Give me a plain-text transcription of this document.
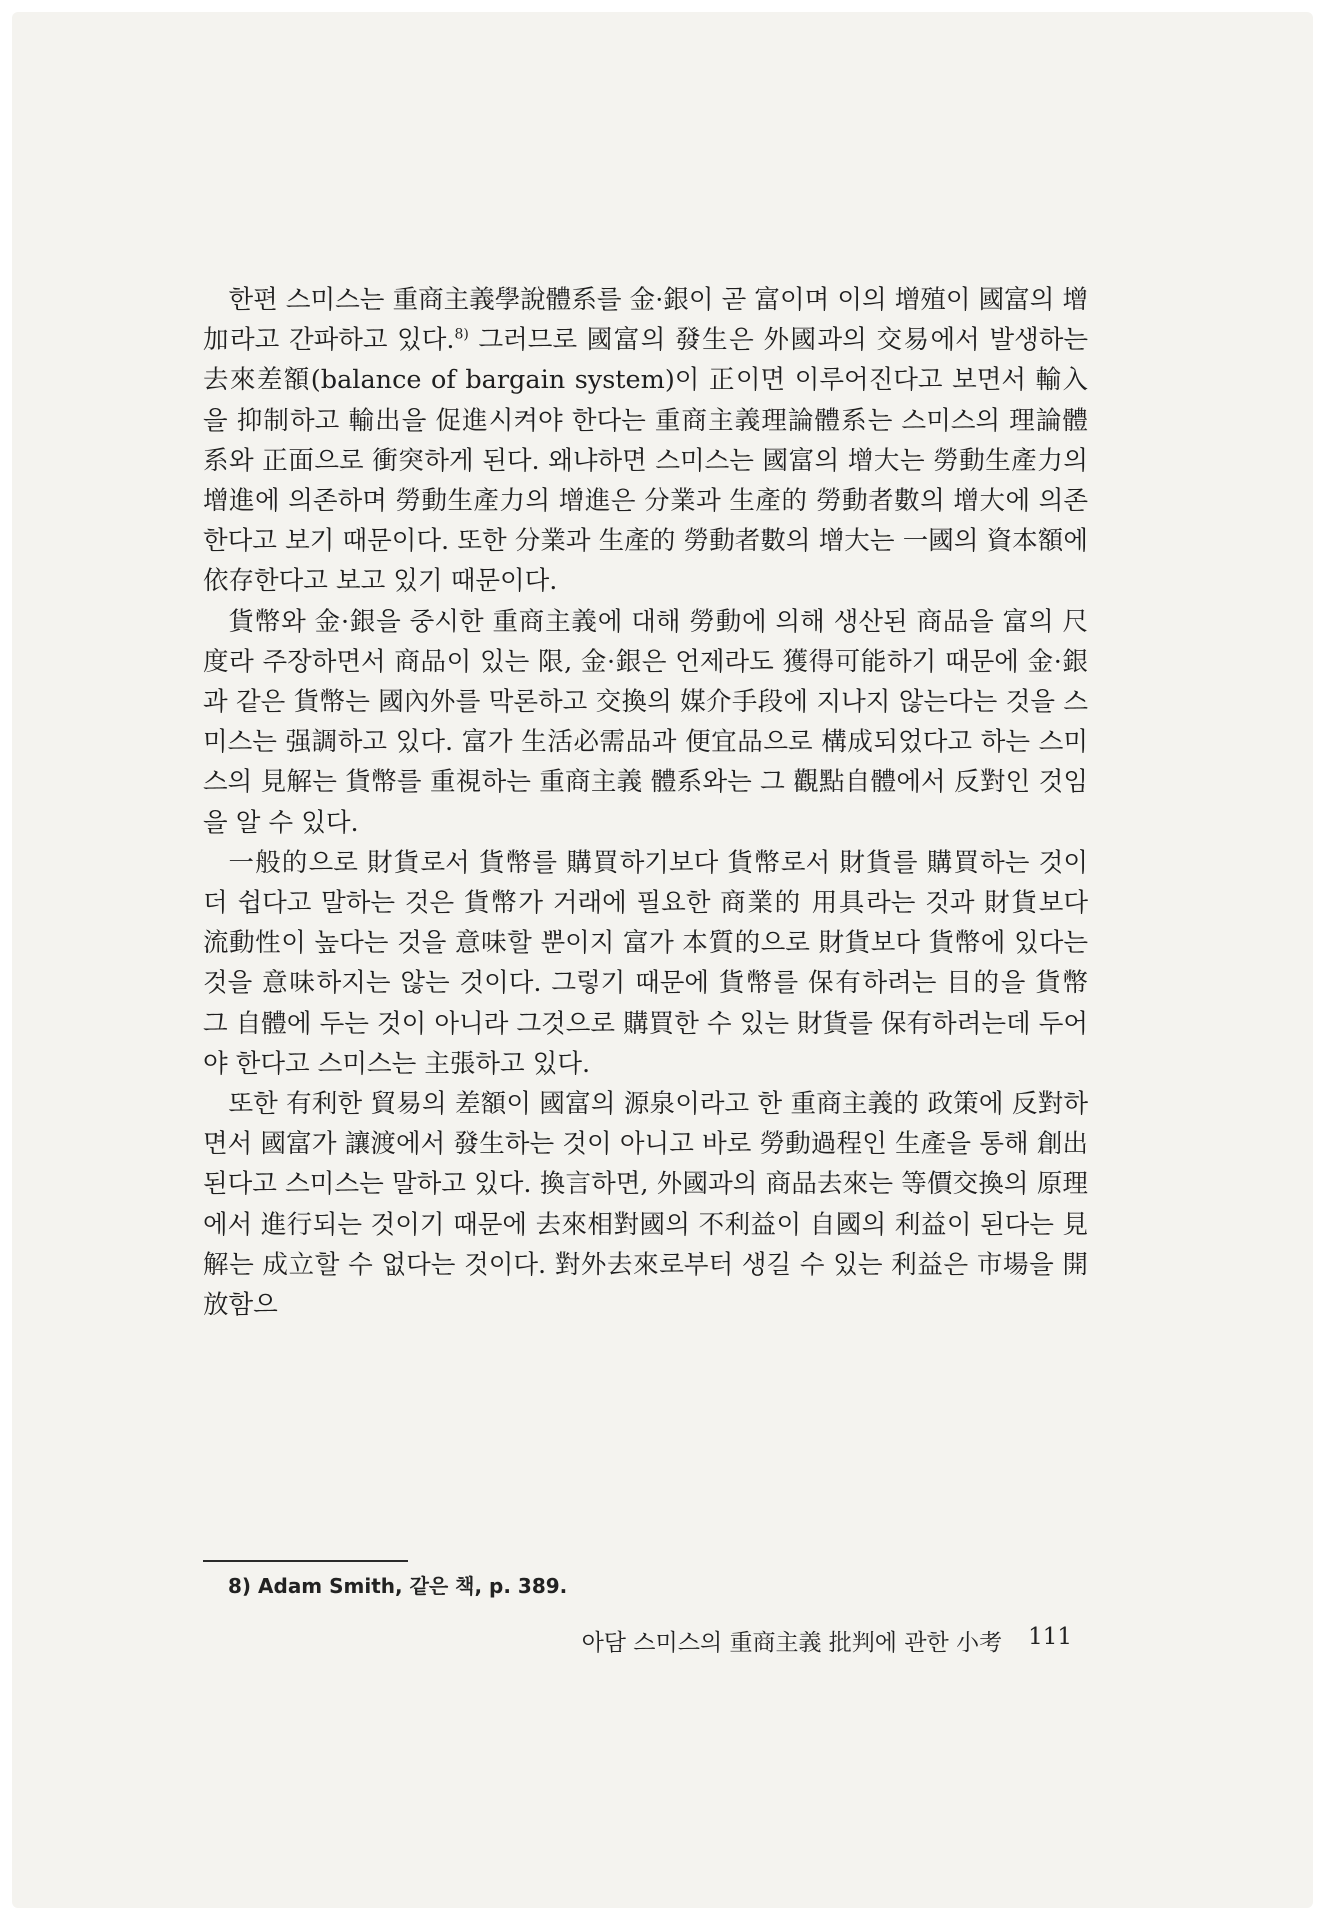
한편 스미스는 重商主義學說體系를 金·銀이 곧 富이며 이의 增殖이 國富의 增加라고 간파하고 있다.$^{8)}$ 그러므로 國富의 發生은 外國과의 交易에서 발생하는 去來差額(balance of bargain system)이 正이면 이루어진다고 보면서 輸入을 抑制하고 輸出을 促進시켜야 한다는 重商主義理論體系는 스미스의 理論體系와 正面으로 衝突하게 된다. 왜냐하면 스미스는 國富의 增大는 勞動生產力의 增進에 의존하며 勞動生產力의 增進은 分業과 生產的 勞動者數의 增大에 의존한다고 보기 때문이다. 또한 分業과 生產的 勞動者數의 增大는 一國의 資本額에 依存한다고 보고 있기 때문이다.

貨幣와 金·銀을 중시한 重商主義에 대해 勞動에 의해 생산된 商品을 富의 尺度라 주장하면서 商品이 있는 限, 金·銀은 언제라도 獲得可能하기 때문에 金·銀과 같은 貨幣는 國內外를 막론하고 交換의 媒介手段에 지나지 않는다는 것을 스미스는 强調하고 있다. 富가 生活必需品과 便宜品으로 構成되었다고 하는 스미스의 見解는 貨幣를 重視하는 重商主義 體系와는 그 觀點自體에서 反對인 것임을 알 수 있다.

一般的으로 財貨로서 貨幣를 購買하기보다 貨幣로서 財貨를 購買하는 것이 더 쉽다고 말하는 것은 貨幣가 거래에 필요한 商業的 用具라는 것과 財貨보다 流動性이 높다는 것을 意味할 뿐이지 富가 本質的으로 財貨보다 貨幣에 있다는 것을 意味하지는 않는 것이다. 그렇기 때문에 貨幣를 保有하려는 目的을 貨幣 그 自體에 두는 것이 아니라 그것으로 購買한 수 있는 財貨를 保有하려는데 두어야 한다고 스미스는 主張하고 있다.

또한 有利한 貿易의 差額이 國富의 源泉이라고 한 重商主義的 政策에 反對하면서 國富가 讓渡에서 發生하는 것이 아니고 바로 勞動過程인 生產을 통해 創出된다고 스미스는 말하고 있다. 換言하면, 外國과의 商品去來는 等價交換의 原理에서 進行되는 것이기 때문에 去來相對國의 不利益이 自國의 利益이 된다는 見解는 成立할 수 없다는 것이다. 對外去來로부터 생길 수 있는 利益은 市場을 開放함으

8) Adam Smith, 같은 책, p. 389.
아담 스미스의 重商主義 批判에 관한 小考 111
